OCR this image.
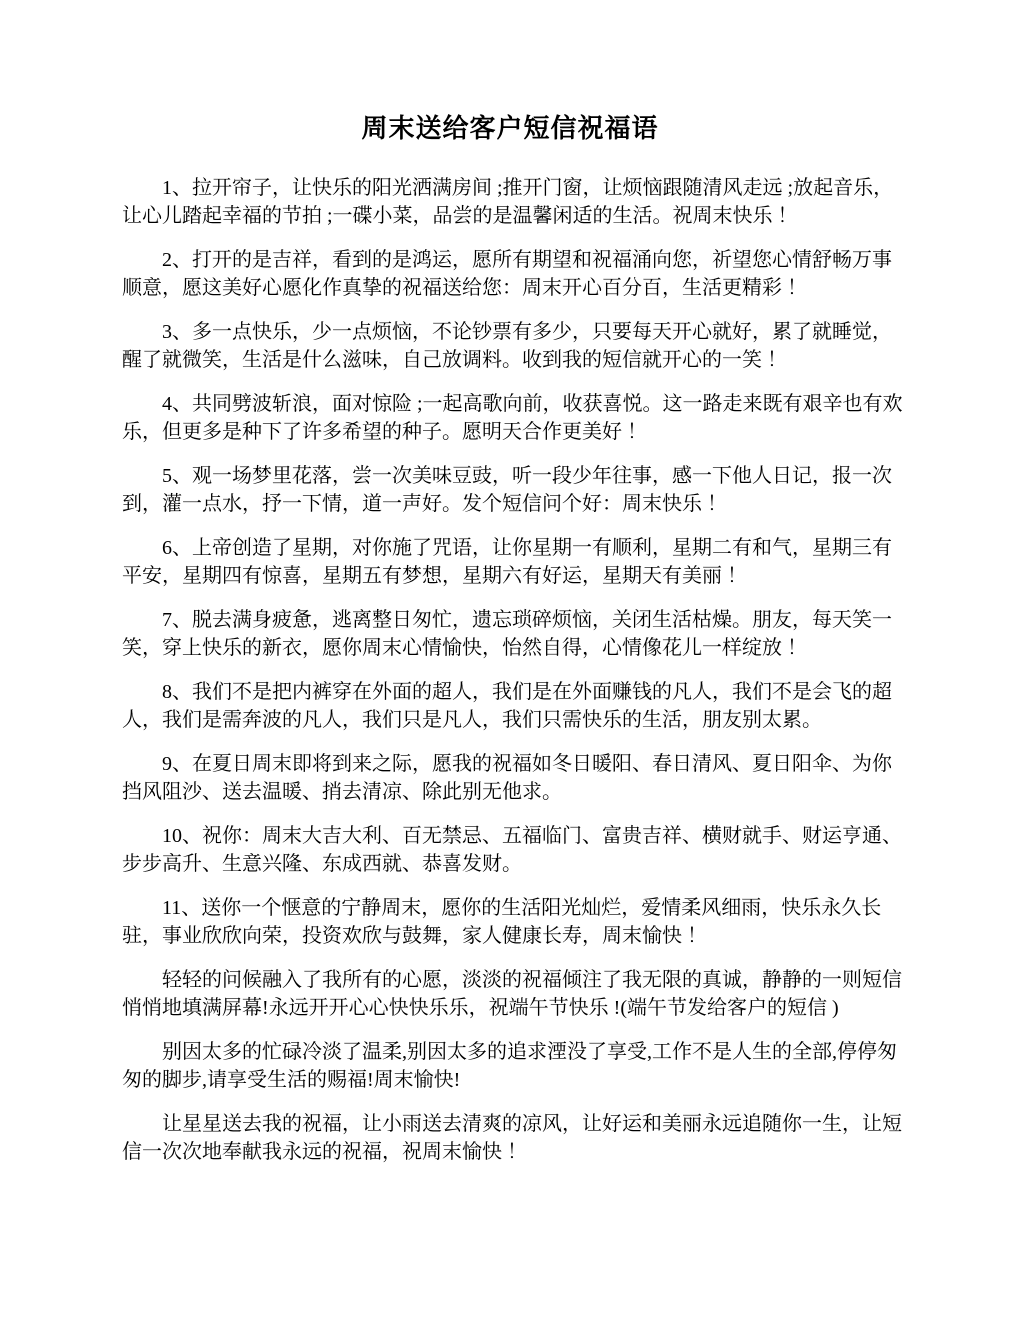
周末送给客户短信祝福语

1、拉开帘子，让快乐的阳光洒满房间 ;推开门窗，让烦恼跟随清风走远 ;放起音乐，让心儿踏起幸福的节拍 ;一碟小菜，品尝的是温馨闲适的生活。祝周末快乐 ！

2、打开的是吉祥，看到的是鸿运，愿所有期望和祝福涌向您，祈望您心情舒畅万事顺意，愿这美好心愿化作真挚的祝福送给您：周末开心百分百，生活更精彩 ！

3、多一点快乐，少一点烦恼，不论钞票有多少，只要每天开心就好，累了就睡觉，醒了就微笑，生活是什么滋味，自己放调料。收到我的短信就开心的一笑 ！

4、共同劈波斩浪，面对惊险 ;一起高歌向前，收获喜悦。这一路走来既有艰辛也有欢乐，但更多是种下了许多希望的种子。愿明天合作更美好 ！

5、观一场梦里花落，尝一次美味豆豉，听一段少年往事，感一下他人日记，报一次到，灌一点水，抒一下情，道一声好。发个短信问个好：周末快乐 ！

6、上帝创造了星期，对你施了咒语，让你星期一有顺利，星期二有和气，星期三有平安，星期四有惊喜，星期五有梦想，星期六有好运，星期天有美丽 ！

7、脱去满身疲惫，逃离整日匆忙，遗忘琐碎烦恼，关闭生活枯燥。朋友，每天笑一笑，穿上快乐的新衣，愿你周末心情愉快，怡然自得，心情像花儿一样绽放 ！

8、我们不是把内裤穿在外面的超人，我们是在外面赚钱的凡人，我们不是会飞的超人，我们是需奔波的凡人，我们只是凡人，我们只需快乐的生活，朋友别太累。

9、在夏日周末即将到来之际，愿我的祝福如冬日暖阳、春日清风、夏日阳伞、为你挡风阻沙、送去温暖、捎去清凉、除此别无他求。

10、祝你：周末大吉大利、百无禁忌、五福临门、富贵吉祥、横财就手、财运亨通、步步高升、生意兴隆、东成西就、恭喜发财。

11、送你一个惬意的宁静周末，愿你的生活阳光灿烂，爱情柔风细雨，快乐永久长驻，事业欣欣向荣，投资欢欣与鼓舞，家人健康长寿，周末愉快 ！

轻轻的问候融入了我所有的心愿，淡淡的祝福倾注了我无限的真诚，静静的一则短信悄悄地填满屏幕!永远开开心心快快乐乐，祝端午节快乐 !(端午节发给客户的短信 )

别因太多的忙碌冷淡了温柔,别因太多的追求湮没了享受,工作不是人生的全部,停停匆匆的脚步,请享受生活的赐福!周末愉快!

让星星送去我的祝福，让小雨送去清爽的凉风，让好运和美丽永远追随你一生，让短信一次次地奉献我永远的祝福，祝周末愉快 ！
